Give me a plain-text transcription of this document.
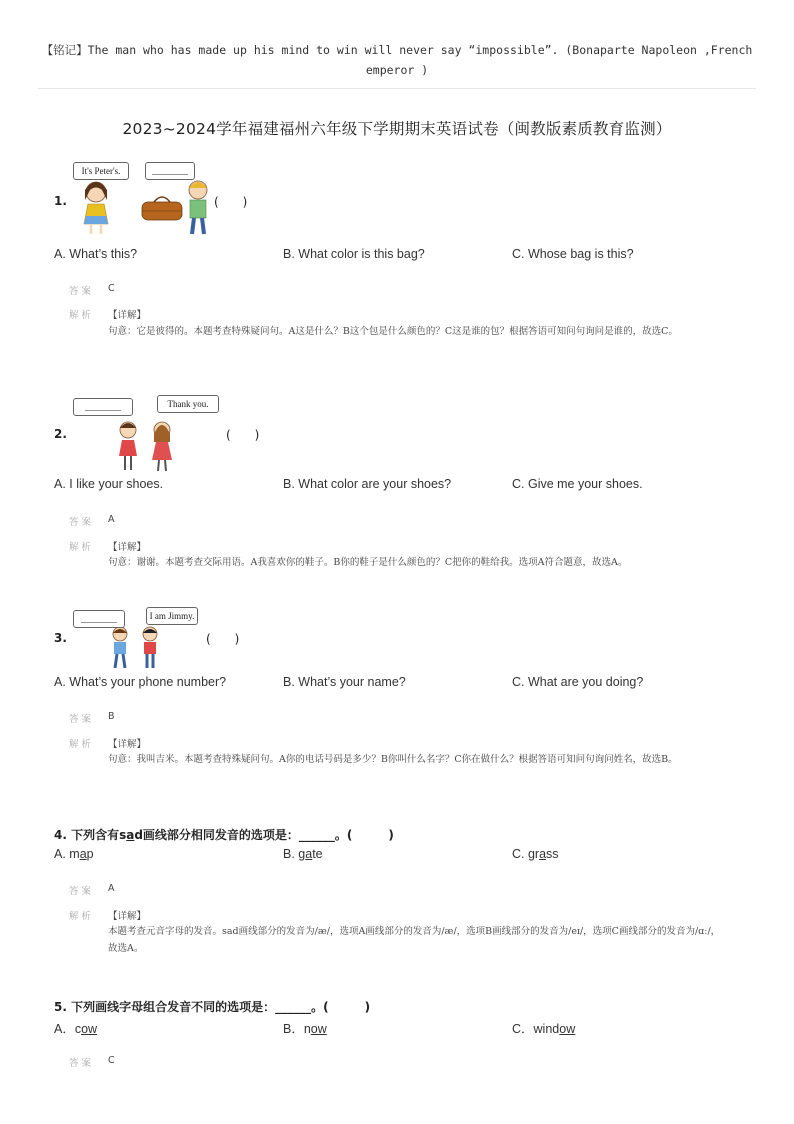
【铭记】The man who has made up his mind to win will never say “impossible”. (Bonaparte Napoleon ,French emperor )
2023~2024学年福建福州六年级下学期期末英语试卷（闽教版素质教育监测）
It's Peter's.	________
1.	(　　)
A. What’s this?	B. What color is this bag?	C. Whose bag is this?
答案 C
解析 【详解】
句意：它是彼得的。本题考查特殊疑问句。A这是什么？B这个包是什么颜色的？C这是谁的包？根据答语可知问句询问是谁的，故选C。
________	Thank you.
2.	(　　)
A. I like your shoes.	B. What color are your shoes?	C. Give me your shoes.
答案 A
解析 【详解】
句意：谢谢。本题考查交际用语。A我喜欢你的鞋子。B你的鞋子是什么颜色的？C把你的鞋给我。选项A符合题意，故选A。
________	I am Jimmy.
3.	(　　)
A. What’s your phone number?	B. What’s your name?	C. What are you doing?
答案 B
解析 【详解】
句意：我叫吉米。本题考查特殊疑问句。A你的电话号码是多少？B你叫什么名字？C你在做什么？根据答语可知问句询问姓名，故选B。
4. 下列含有sad画线部分相同发音的选项是：______。(　　　)
A. map	B. gate	C. grass
答案 A
解析 【详解】
本题考查元音字母的发音。sad画线部分的发音为/æ/，选项A画线部分的发音为/æ/，选项B画线部分的发音为/eɪ/，选项C画线部分的发音为/ɑː/，故选A。
5. 下列画线字母组合发音不同的选项是：______。(　　　)
A．cow	B．now	C．window
答案 C
